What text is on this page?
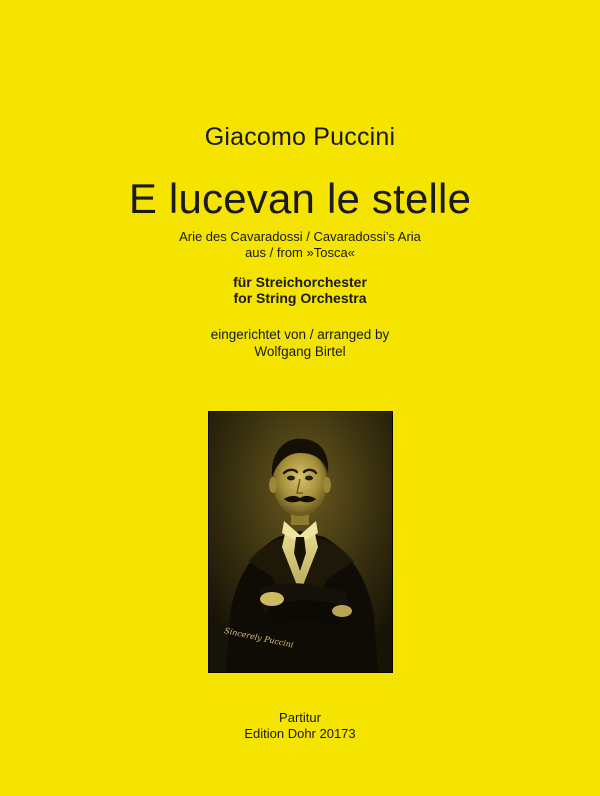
Giacomo Puccini
E lucevan le stelle
Arie des Cavaradossi / Cavaradossi’s Aria
aus / from »Tosca«
für Streichorchester
for String Orchestra
eingerichtet von / arranged by
Wolfgang Birtel
Sincerely Puccini
Partitur
Edition Dohr 20173
